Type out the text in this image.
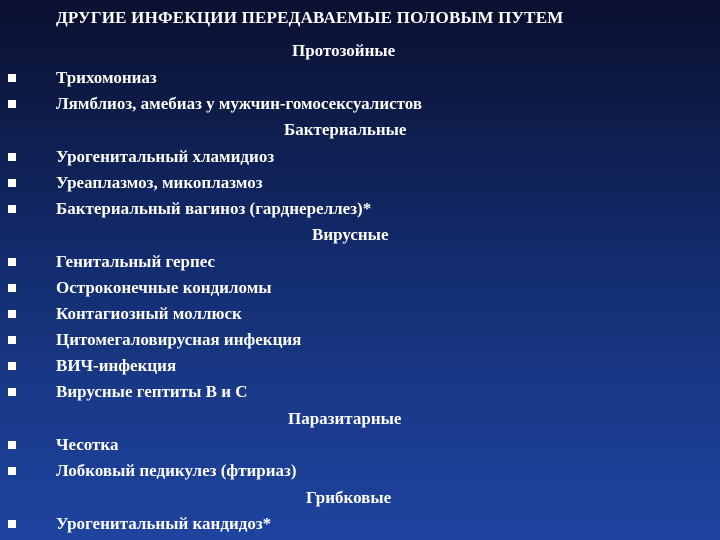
ДРУГИЕ ИНФЕКЦИИ ПЕРЕДАВАЕМЫЕ ПОЛОВЫМ ПУТЕМ
Протозойные
Трихомониаз
Лямблиоз, амебиаз у мужчин-гомосексуалистов
Бактериальные
Урогенитальный хламидиоз
Уреаплазмоз, микоплазмоз
Бактериальный вагиноз (гарднереллез)*
Вирусные
Генитальный герпес
Остроконечные кондиломы
Контагиозный моллюск
Цитомегаловирусная инфекция
ВИЧ-инфекция
Вирусные гептиты В и С
Паразитарные
Чесотка
Лобковый педикулез (фтириаз)
Грибковые
Урогенитальный кандидоз*
